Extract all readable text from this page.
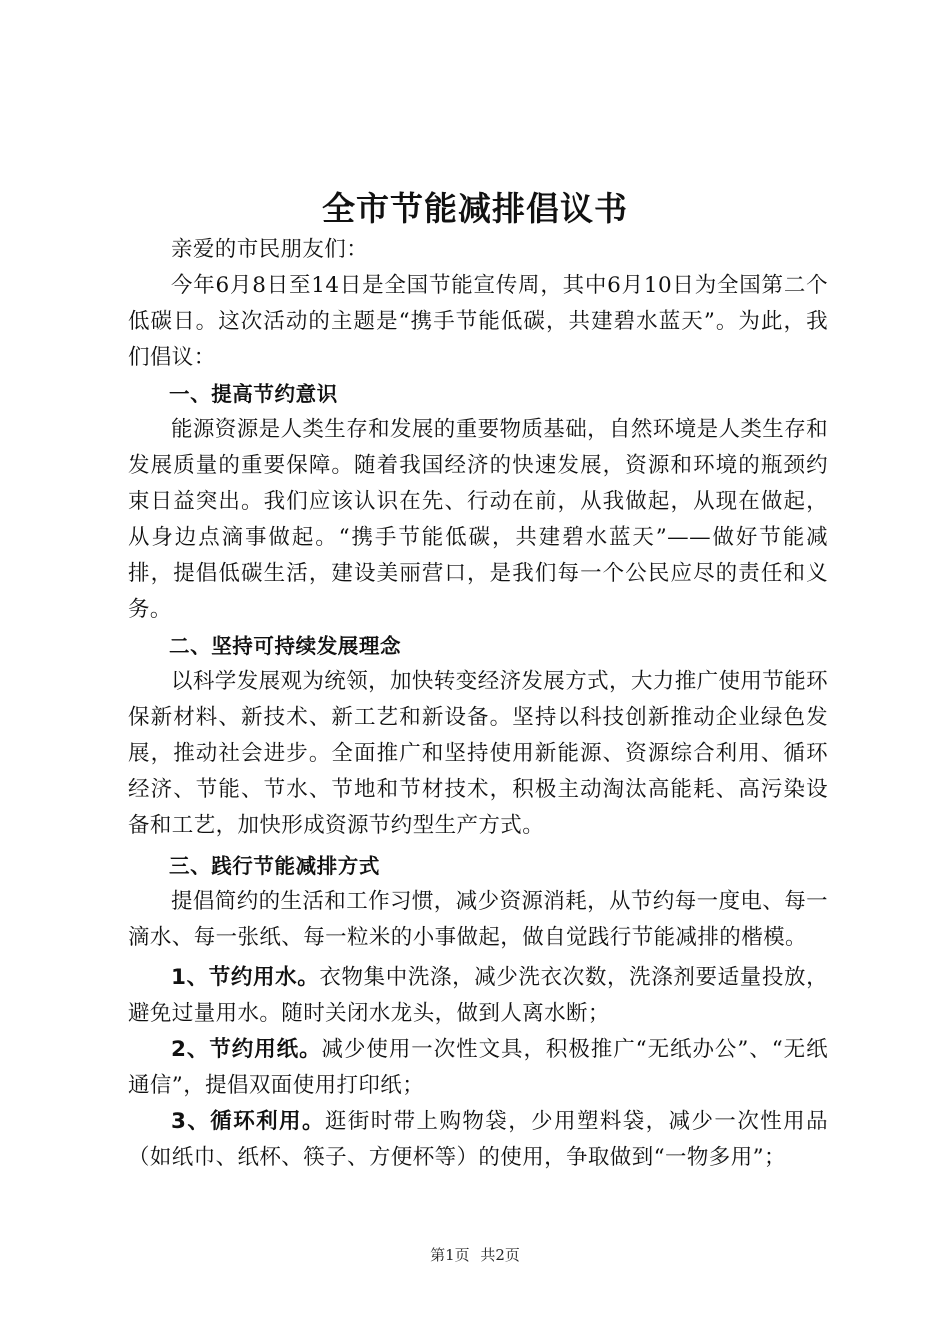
全市节能减排倡议书

亲爱的市民朋友们：

今年6月8日至14日是全国节能宣传周，其中6月10日为全国第二个低碳日。这次活动的主题是“携手节能低碳，共建碧水蓝天”。为此，我们倡议：

一、提高节约意识

能源资源是人类生存和发展的重要物质基础，自然环境是人类生存和发展质量的重要保障。随着我国经济的快速发展，资源和环境的瓶颈约束日益突出。我们应该认识在先、行动在前，从我做起，从现在做起，从身边点滴事做起。“携手节能低碳，共建碧水蓝天”——做好节能减排，提倡低碳生活，建设美丽营口，是我们每一个公民应尽的责任和义务。

二、坚持可持续发展理念

以科学发展观为统领，加快转变经济发展方式，大力推广使用节能环保新材料、新技术、新工艺和新设备。坚持以科技创新推动企业绿色发展，推动社会进步。全面推广和坚持使用新能源、资源综合利用、循环经济、节能、节水、节地和节材技术，积极主动淘汰高能耗、高污染设备和工艺，加快形成资源节约型生产方式。

三、践行节能减排方式

提倡简约的生活和工作习惯，减少资源消耗，从节约每一度电、每一滴水、每一张纸、每一粒米的小事做起，做自觉践行节能减排的楷模。

1、节约用水。衣物集中洗涤，减少洗衣次数，洗涤剂要适量投放，避免过量用水。随时关闭水龙头，做到人离水断；

2、节约用纸。减少使用一次性文具，积极推广“无纸办公”、“无纸通信”，提倡双面使用打印纸；

3、循环利用。逛街时带上购物袋，少用塑料袋，减少一次性用品（如纸巾、纸杯、筷子、方便杯等）的使用，争取做到“一物多用”；

第1页 共2页
